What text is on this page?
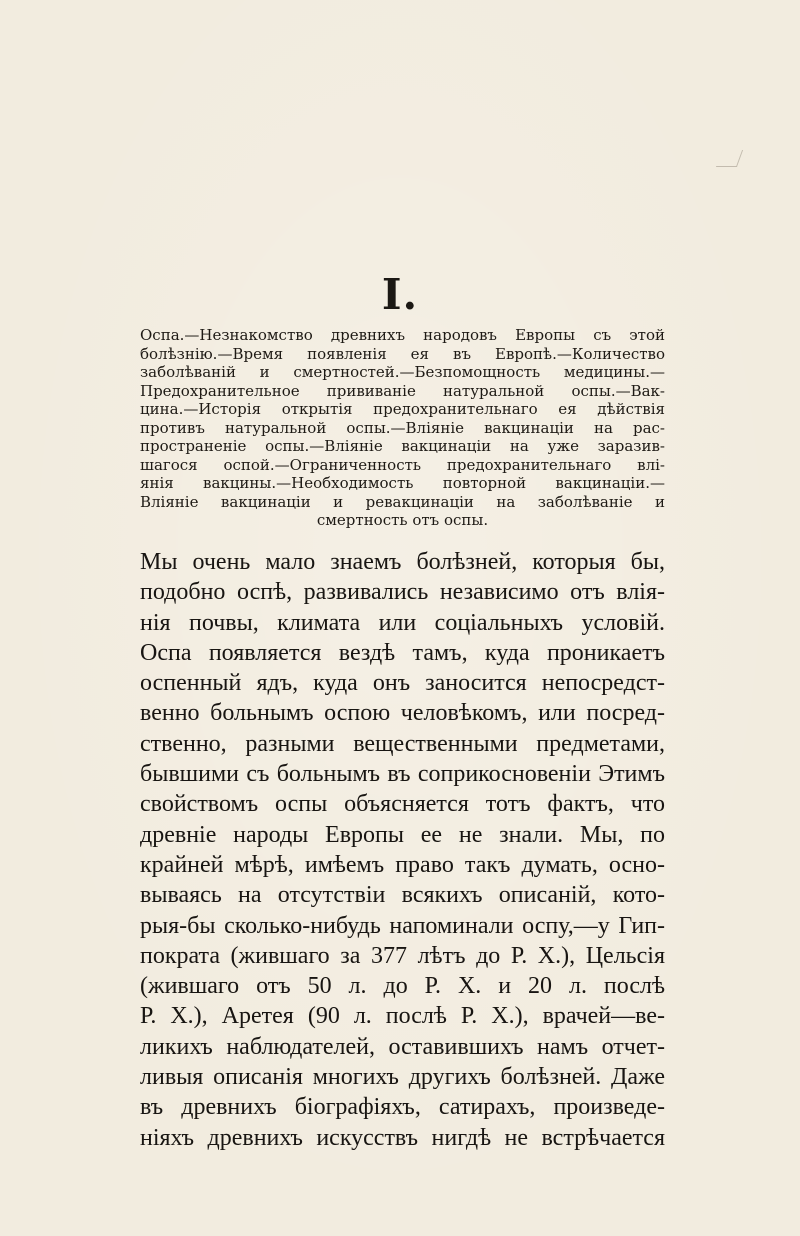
I.
Оспа.—Незнакомство древнихъ народовъ Европы съ этой
болѣзнію.—Время появленія ея въ Европѣ.—Количество
заболѣваній и смертностей.—Безпомощность медицины.—
Предохранительное прививаніе натуральной оспы.—Вак-
цина.—Исторія открытія предохранительнаго ея дѣйствія
противъ натуральной оспы.—Вліяніе вакцинаціи на рас-
пространеніе оспы.—Вліяніе вакцинаціи на уже заразив-
шагося оспой.—Ограниченность предохранительнаго влі-
янія вакцины.—Необходимость повторной вакцинаціи.—
Вліяніе вакцинаціи и ревакцинаціи на заболѣваніе и
смертность отъ оспы.
Мы очень мало знаемъ болѣзней, которыя бы,
подобно оспѣ, развивались независимо отъ влія-
нія почвы, климата или соціальныхъ условій.
Оспа появляется вездѣ тамъ, куда проникаетъ
оспенный ядъ, куда онъ заносится непосредст-
венно больнымъ оспою человѣкомъ, или посред-
ственно, разными вещественными предметами,
бывшими съ больнымъ въ соприкосновеніи Этимъ
свойствомъ оспы объясняется тотъ фактъ, что
древніе народы Европы ее не знали. Мы, по
крайней мѣрѣ, имѣемъ право такъ думать, осно-
вываясь на отсутствіи всякихъ описаній, кото-
рыя-бы сколько-нибудь напоминали оспу,—у Гип-
пократа (жившаго за 377 лѣтъ до Р. Х.), Цельсія
(жившаго отъ 50 л. до Р. Х. и 20 л. послѣ
Р. Х.), Аретея (90 л. послѣ Р. Х.), врачей—ве-
ликихъ наблюдателей, оставившихъ намъ отчет-
ливыя описанія многихъ другихъ болѣзней. Даже
въ древнихъ біографіяхъ, сатирахъ, произведе-
ніяхъ древнихъ искусствъ нигдѣ не встрѣчается
